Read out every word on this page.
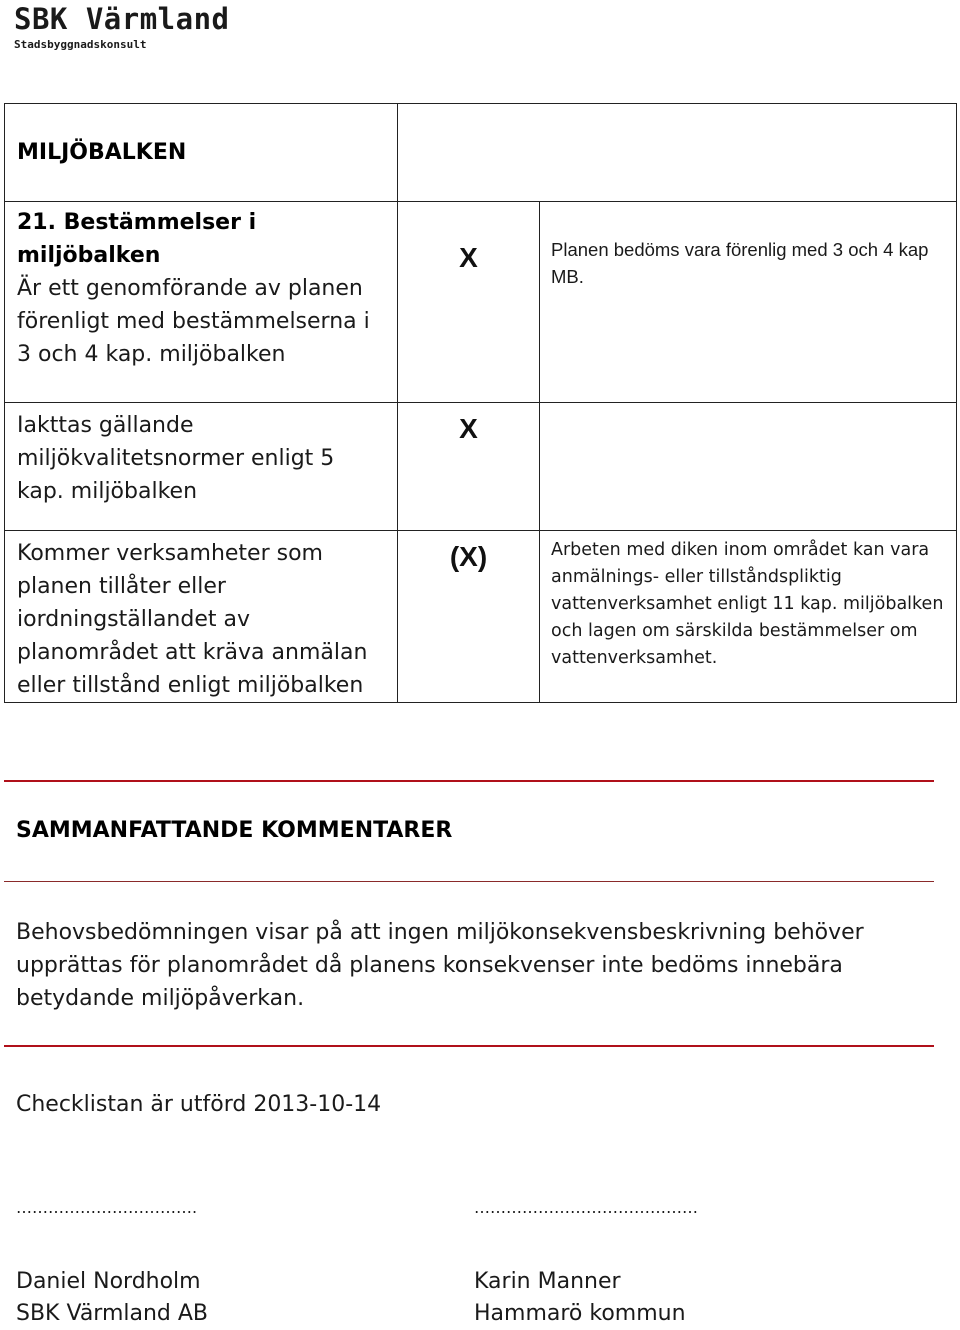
SBK Värmland
Stadsbyggnadskonsult
MILJÖBALKEN		

21. Bestämmelser i miljöbalken
Är ett genomförande av planen förenligt med bestämmelserna i 3 och 4 kap. miljöbalken	X	Planen bedöms vara förenlig med 3 och 4 kap MB.

Iakttas gällande miljökvalitetsnormer enligt 5 kap. miljöbalken	X	

Kommer verksamheter som planen tillåter eller iordningställandet av planområdet att kräva anmälan eller tillstånd enligt miljöbalken	(X)	Arbeten med diken inom området kan vara anmälnings- eller tillståndspliktig vattenverksamhet enligt 11 kap. miljöbalken och lagen om särskilda bestämmelser om vattenverksamhet.
SAMMANFATTANDE KOMMENTARER
Behovsbedömningen visar på att ingen miljökonsekvensbeskrivning behöver upprättas för planområdet då planens konsekvenser inte bedöms innebära betydande miljöpåverkan.
Checklistan är utförd 2013-10-14
…………………………….
Daniel Nordholm
SBK Värmland AB
……………………………………
Karin Manner
Hammarö kommun
